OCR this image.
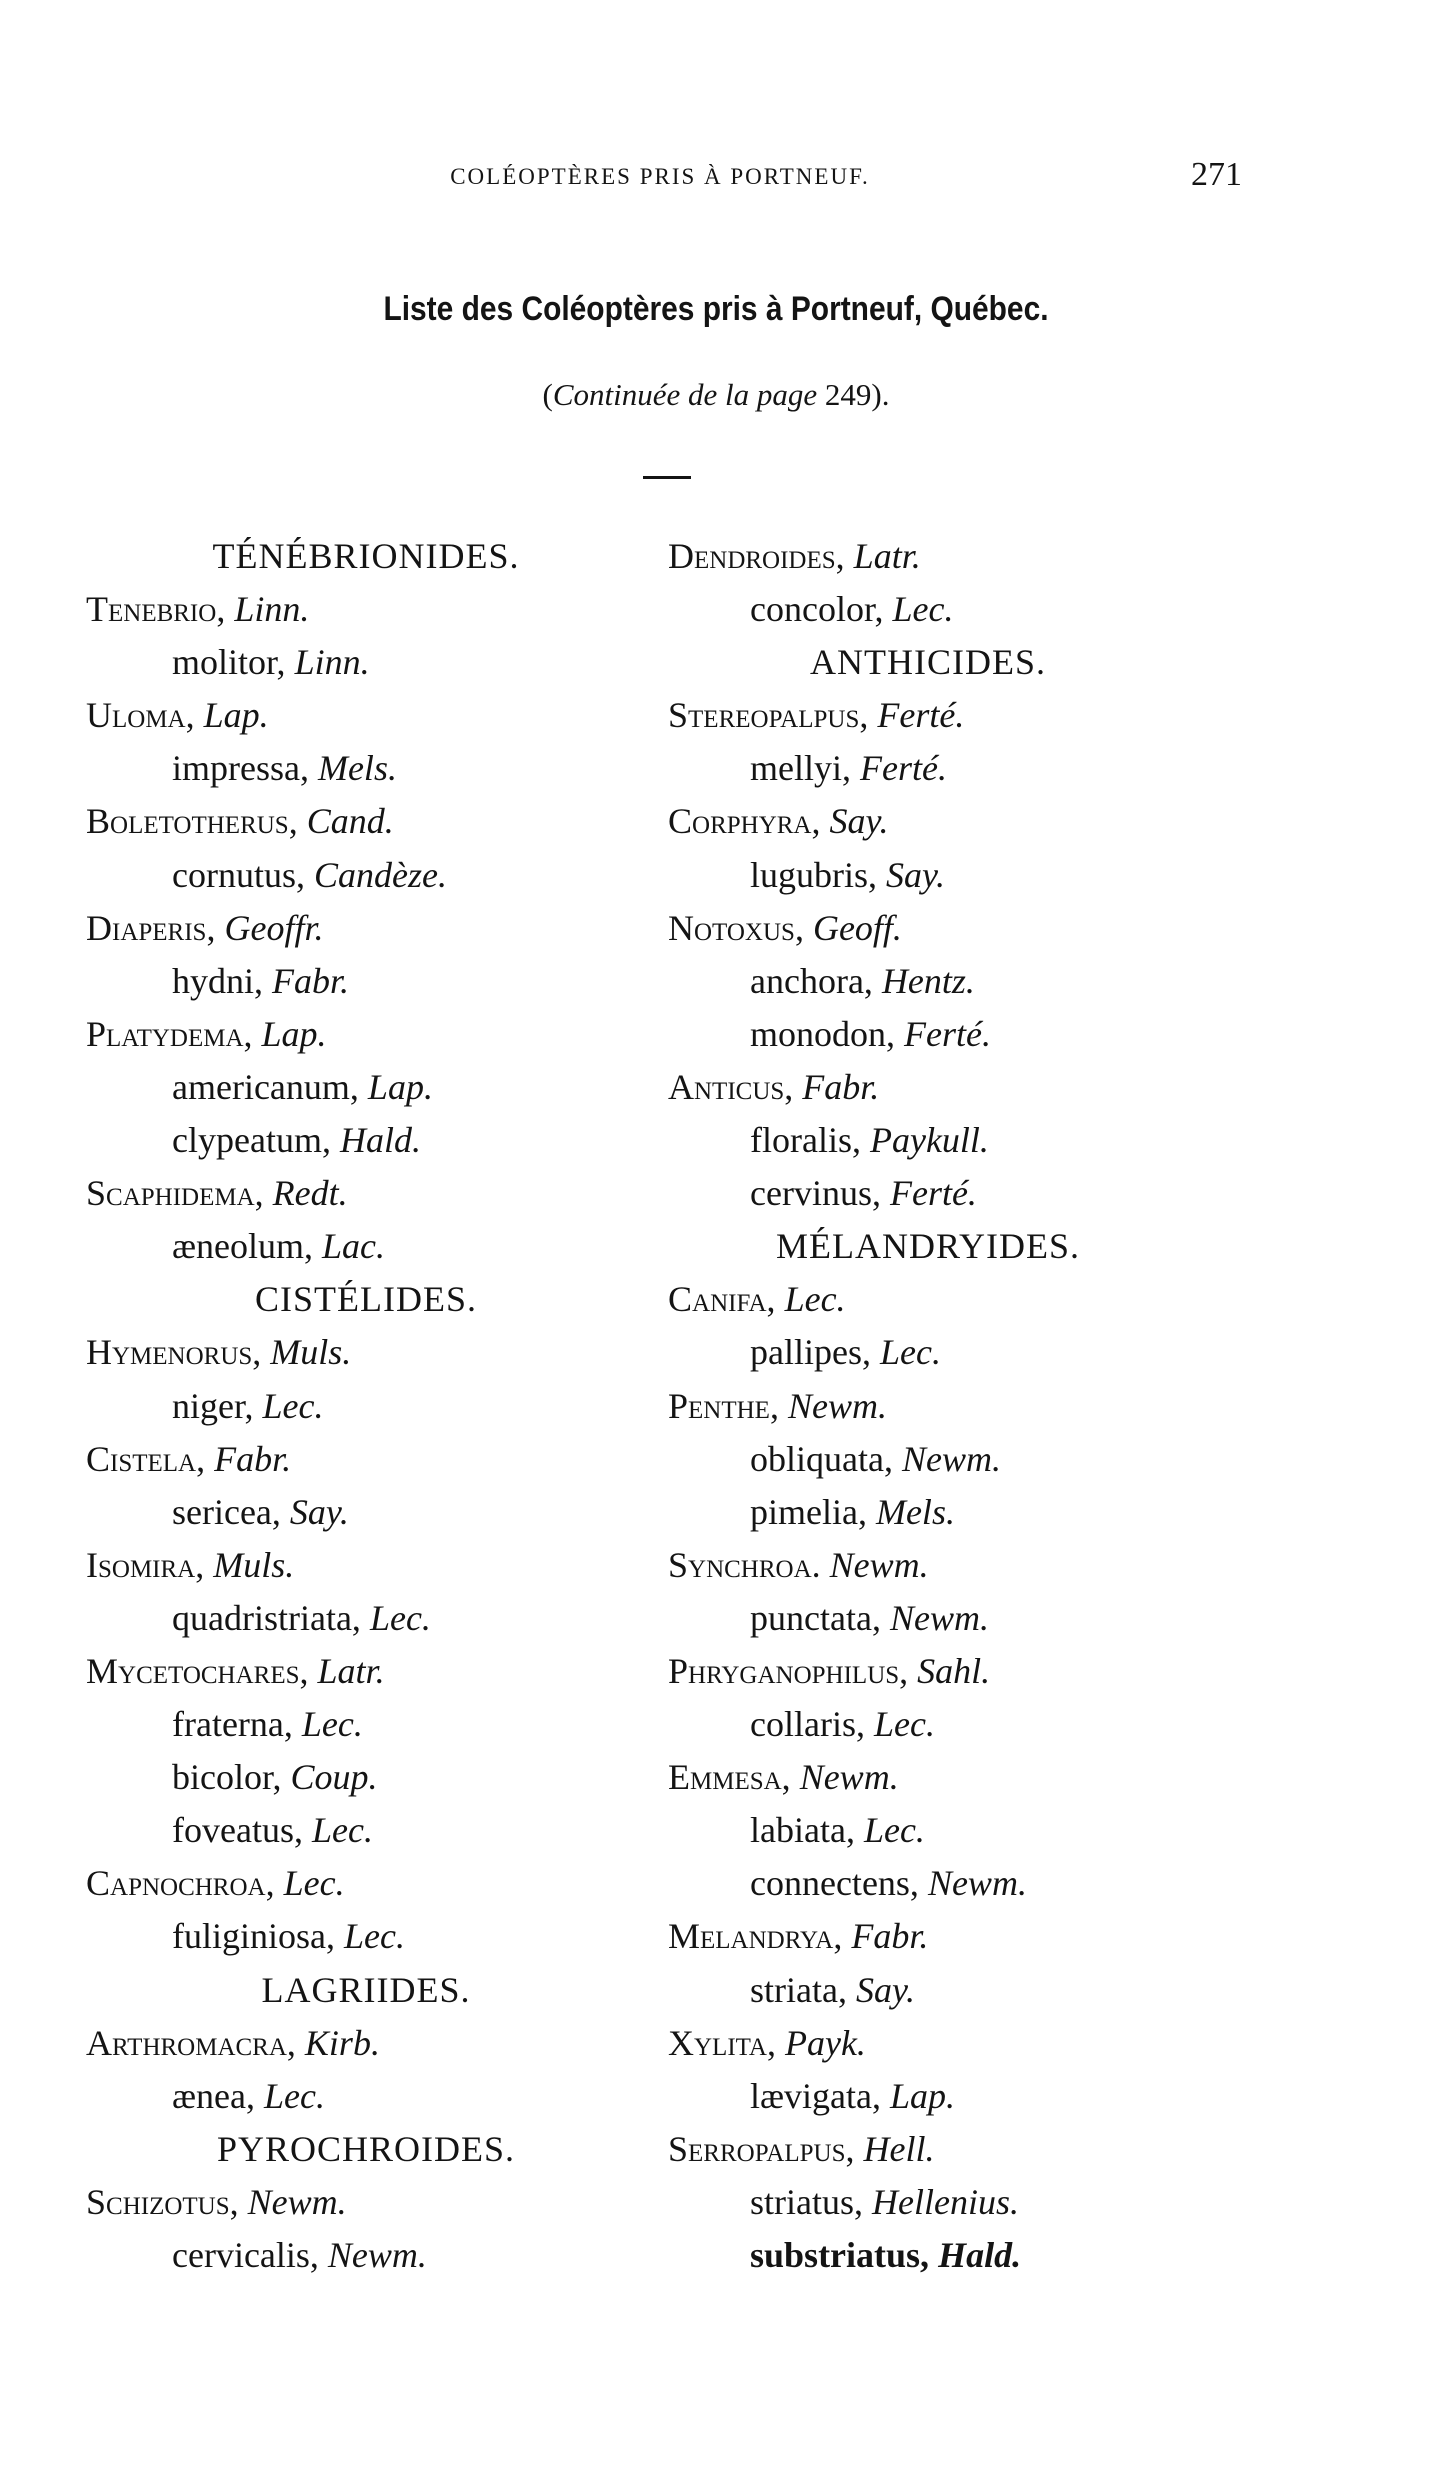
COLÉOPTÈRES PRIS À PORTNEUF.	271
Liste des Coléoptères pris à Portneuf, Québec.
(Continuée de la page 249).
TÉNÉBRIONIDES.
Tenebrio, Linn.
molitor, Linn.
Uloma, Lap.
impressa, Mels.
Boletotherus, Cand.
cornutus, Candèze.
Diaperis, Geoffr.
hydni, Fabr.
Platydema, Lap.
americanum, Lap.
clypeatum, Hald.
Scaphidema, Redt.
æneolum, Lac.
CISTÉLIDES.
Hymenorus, Muls.
niger, Lec.
Cistela, Fabr.
sericea, Say.
Isomira, Muls.
quadristriata, Lec.
Mycetochares, Latr.
fraterna, Lec.
bicolor, Coup.
foveatus, Lec.
Capnochroa, Lec.
fuliginiosa, Lec.
LAGRIIDES.
Arthromacra, Kirb.
ænea, Lec.
PYROCHROIDES.
Schizotus, Newm.
cervicalis, Newm.
Dendroides, Latr.
concolor, Lec.
ANTHICIDES.
Stereopalpus, Ferté.
mellyi, Ferté.
Corphyra, Say.
lugubris, Say.
Notoxus, Geoff.
anchora, Hentz.
monodon, Ferté.
Anticus, Fabr.
floralis, Paykull.
cervinus, Ferté.
MÉLANDRYIDES.
Canifa, Lec.
pallipes, Lec.
Penthe, Newm.
obliquata, Newm.
pimelia, Mels.
Synchroa. Newm.
punctata, Newm.
Phryganophilus, Sahl.
collaris, Lec.
Emmesa, Newm.
labiata, Lec.
connectens, Newm.
Melandrya, Fabr.
striata, Say.
Xylita, Payk.
lævigata, Lap.
Serropalpus, Hell.
striatus, Hellenius.
substriatus, Hald.
